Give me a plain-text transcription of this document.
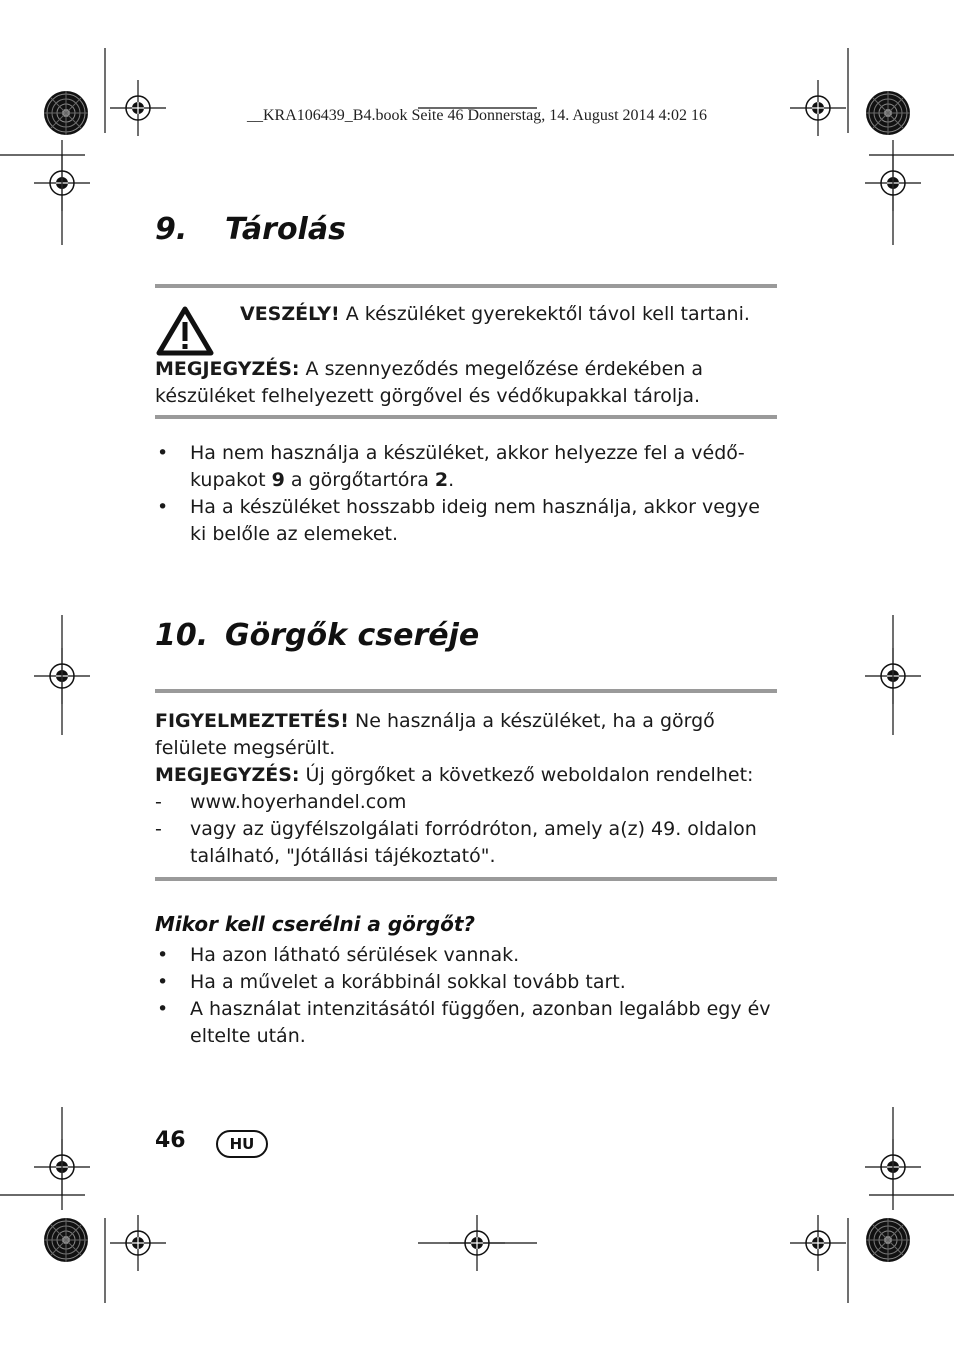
__KRA106439_B4.book Seite 46 Donnerstag, 14. August 2014 4:02 16
9. Tárolás
VESZÉLY! A készüléket gyerekektől távol kell tartani.
MEGJEGYZÉS: A szennyeződés megelőzése érdekében a készüléket felhelyezett görgővel és védőkupakkal tárolja.
• Ha nem használja a készüléket, akkor helyezze fel a védő-kupakot 9 a görgőtartóra 2.
• Ha a készüléket hosszabb ideig nem használja, akkor vegye ki belőle az elemeket.
10. Görgők cseréje
FIGYELMEZTETÉS! Ne használja a készüléket, ha a görgő felülete megsérült.
MEGJEGYZÉS: Új görgőket a következő weboldalon rendelhet:
- www.hoyerhandel.com
- vagy az ügyfélszolgálati forródróton, amely a(z) 49. oldalon található, "Jótállási tájékoztató".
Mikor kell cserélni a görgőt?
• Ha azon látható sérülések vannak.
• Ha a művelet a korábbinál sokkal tovább tart.
• A használat intenzitásától függően, azonban legalább egy év eltelte után.
46	HU
